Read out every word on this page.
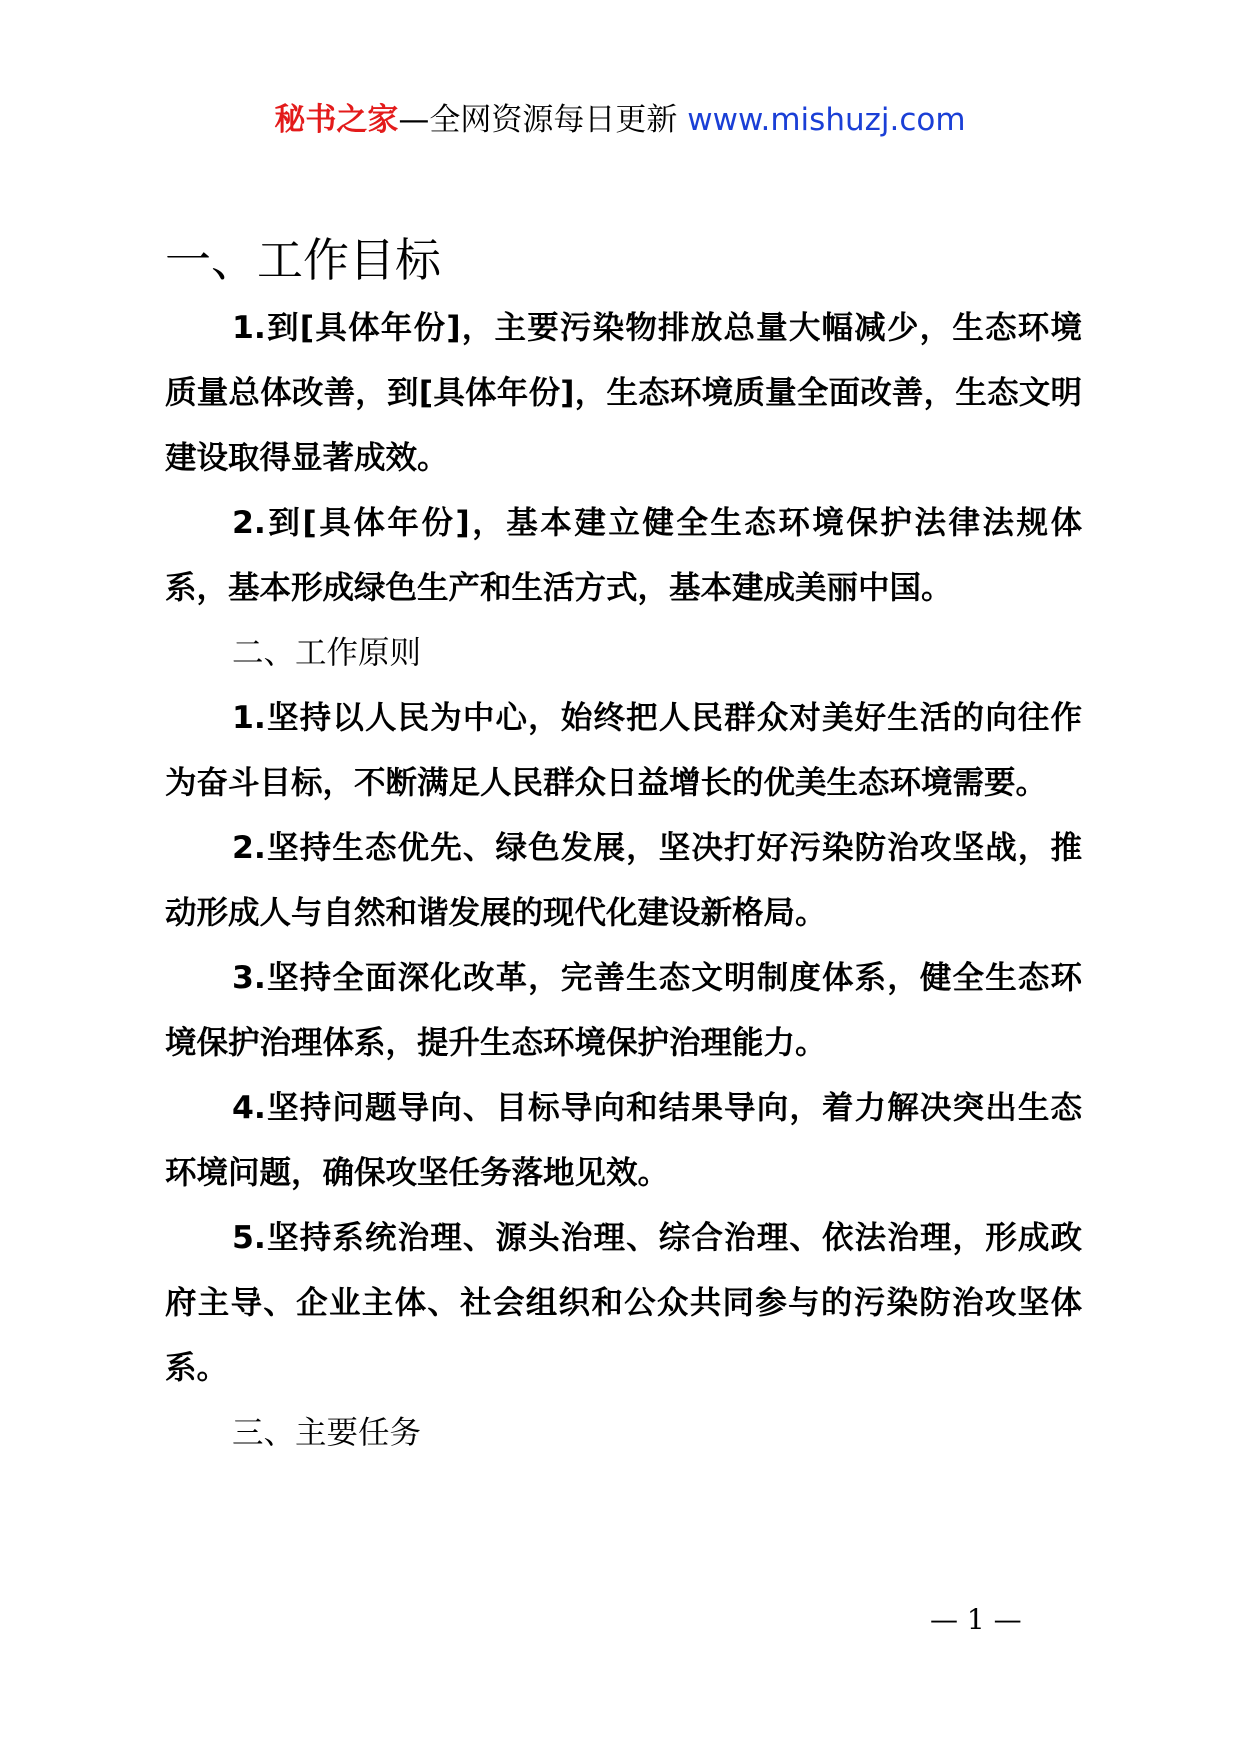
秘书之家—全网资源每日更新 www.mishuzj.com
一、工作目标

1.到[具体年份]，主要污染物排放总量大幅减少，生态环境质量总体改善，到[具体年份]，生态环境质量全面改善，生态文明建设取得显著成效。

2.到[具体年份]，基本建立健全生态环境保护法律法规体系，基本形成绿色生产和生活方式，基本建成美丽中国。

二、工作原则

1.坚持以人民为中心，始终把人民群众对美好生活的向往作为奋斗目标，不断满足人民群众日益增长的优美生态环境需要。

2.坚持生态优先、绿色发展，坚决打好污染防治攻坚战，推动形成人与自然和谐发展的现代化建设新格局。

3.坚持全面深化改革，完善生态文明制度体系，健全生态环境保护治理体系，提升生态环境保护治理能力。

4.坚持问题导向、目标导向和结果导向，着力解决突出生态环境问题，确保攻坚任务落地见效。

5.坚持系统治理、源头治理、综合治理、依法治理，形成政府主导、企业主体、社会组织和公众共同参与的污染防治攻坚体系。

三、主要任务

— 1 —
